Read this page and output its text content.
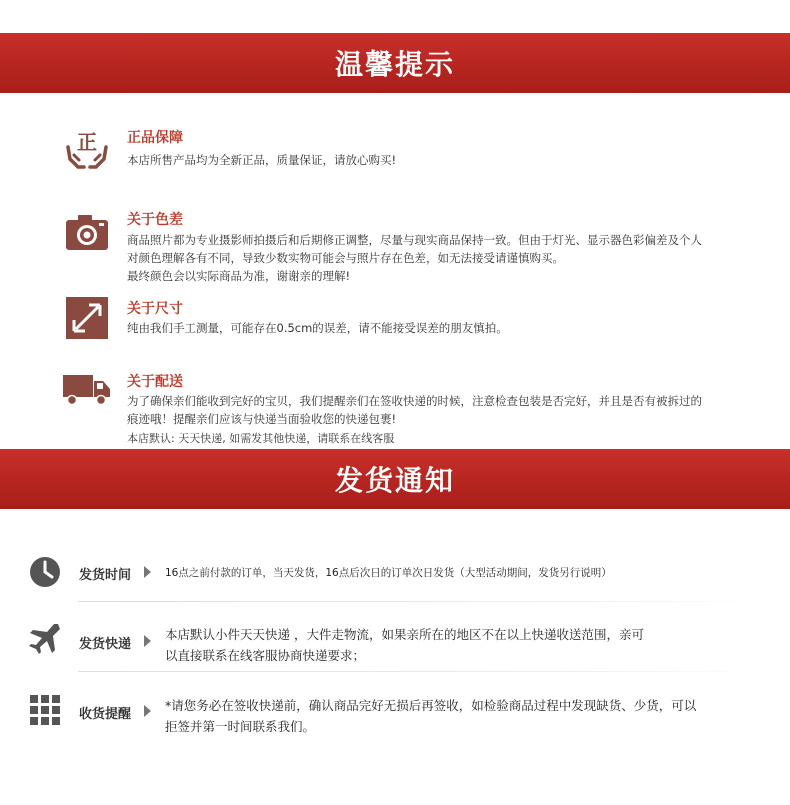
温馨提示
正 正品保障
本店所售产品均为全新正品，质量保证，请放心购买!
关于色差
商品照片都为专业摄影师拍摄后和后期修正调整，尽量与现实商品保持一致。但由于灯光、显示器色彩偏差及个人
对颜色理解各有不同，导致少数实物可能会与照片存在色差，如无法接受请谨慎购买。
最终颜色会以实际商品为准，谢谢亲的理解!
关于尺寸
纯由我们手工测量，可能存在0.5cm的误差，请不能接受误差的朋友慎拍。
关于配送
为了确保亲们能收到完好的宝贝，我们提醒亲们在签收快递的时候，注意检查包装是否完好，并且是否有被拆过的
痕迹哦！提醒亲们应该与快递当面验收您的快递包裹!
本店默认: 天天快递, 如需发其他快递，请联系在线客服
发货通知
发货时间	16点之前付款的订单，当天发货，16点后次日的订单次日发货（大型活动期间，发货另行说明）
发货快递
本店默认小件天天快递 ，大件走物流，如果亲所在的地区不在以上快递收送范围，亲可
以直接联系在线客服协商快递要求；
收货提醒
*请您务必在签收快递前，确认商品完好无损后再签收，如检验商品过程中发现缺货、少货，可以
拒签并第一时间联系我们。
